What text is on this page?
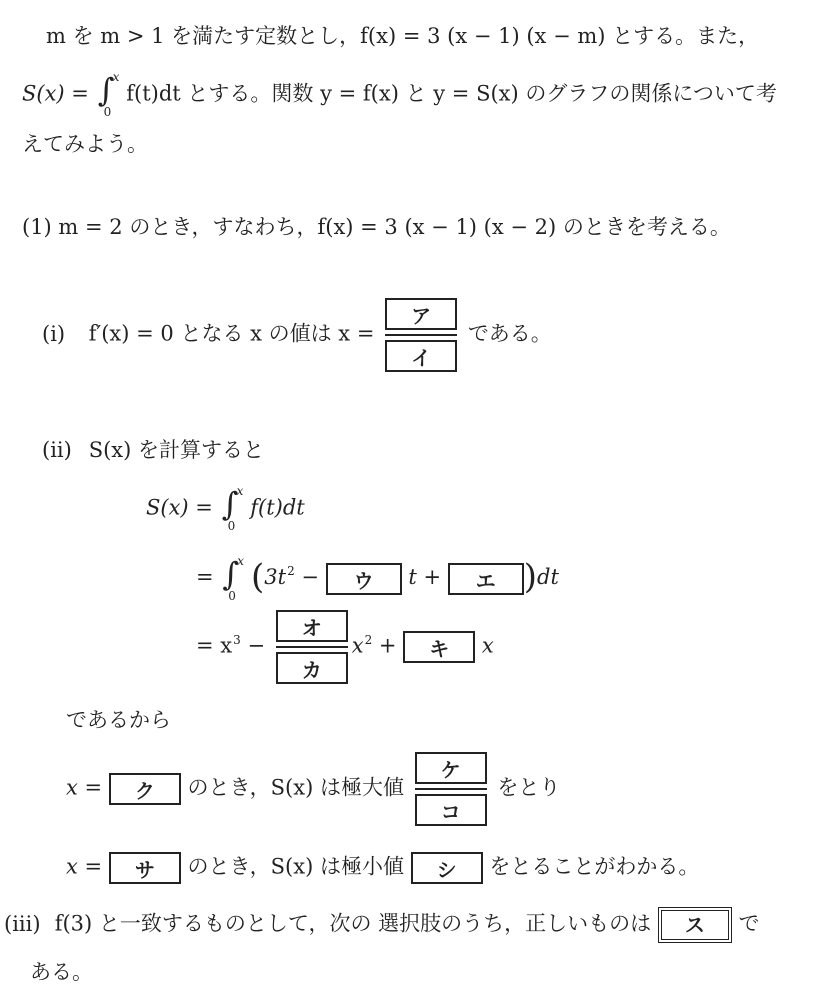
m を m > 1 を満たす定数とし，f(x) = 3 (x − 1) (x − m) とする。また，
S(x) = ∫
x
0
f(t)dt とする。関数 y = f(x) と y = S(x) のグラフの関係について考
えてみよう。
(1) m = 2 のとき，すなわち，f(x) = 3 (x − 1) (x − 2) のときを考える。
(i) f′(x) = 0 となる x の値は $x = \frac{\text{ア}}{\text{イ}}$ である。
(ii) S(x) を計算すると
S(x) = ∫
x
0
f(t)dt
= ∫
x
0 ($3t^2$ − ウ t + エ )dt
= $x^3 - \frac{\text{オ}}{\text{カ}} x^2$ + キ x
であるから
x = ク のとき，S(x) は極大値 $\frac{\text{ケ}}{\text{コ}}$ をとり
x = サ のとき，S(x) は極小値 シ をとることがわかる。
(iii) f(3) と一致するものとして，次の 選択肢のうち，正しいものは ス で
ある。
